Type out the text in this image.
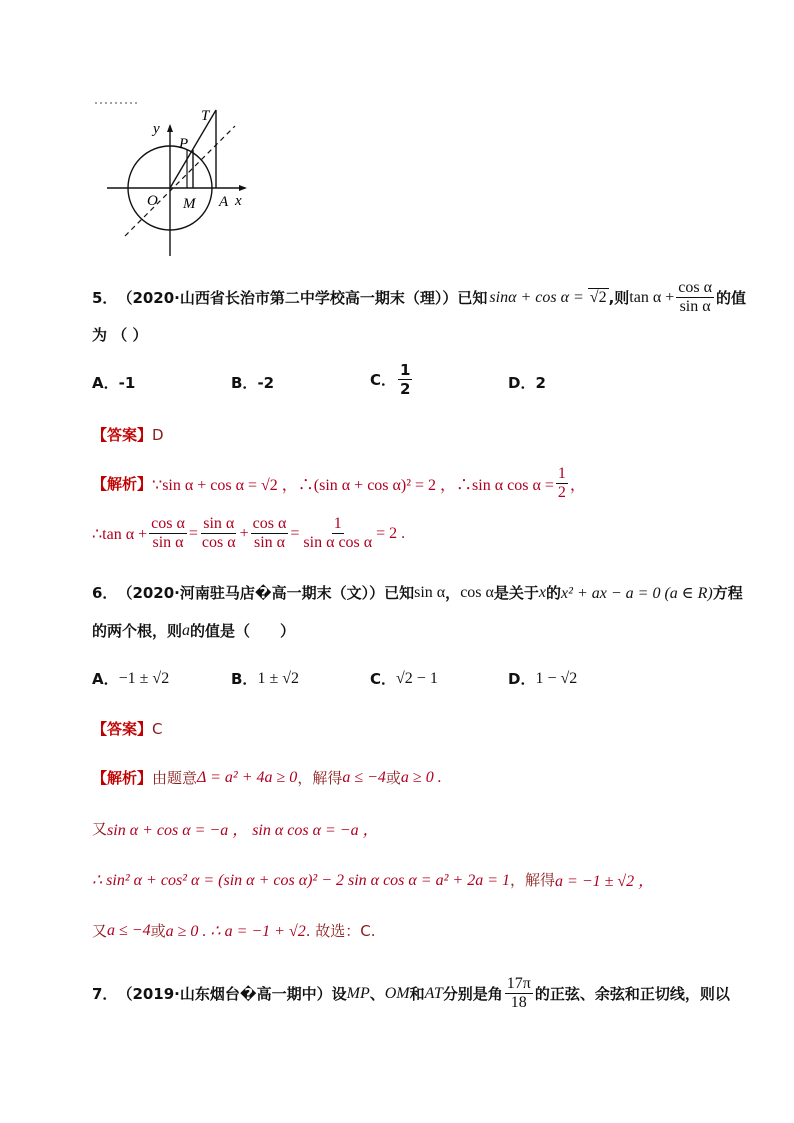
y
T
P
O M A x
5． （2020·山西省长治市第二中学校高一期末（理）） 已知 sinα + cos α = √2 ,则 $\tan \alpha + \frac{\text{cos α}}{\text{sin α}}$ 的值
为 （ ）
A．-1	B．-2	C． $\frac{1}{2}$	D．2
【答案】 D
【解析】 ∵sin α + cos α = √2 ，∴(sin α + cos α)² = 2 ，∴sin α $\cos \alpha = \frac{1}{2}$ ，
∴tan $\alpha + \frac{\text{cos α}}{\text{sin α}} = \frac{\text{sin α}}{\text{cos α}} + \frac{\text{cos α}}{\text{sin α}} = \frac{1}{\text{sin α cos α}} = 2$ .
6． （2020·河南驻马店�高一期末（文）） 已知 sin α ， cos α 是关于 x 的 x² + ax − a = 0 (a ∈ R) 方程
的两个根，则 a 的值是（　　）
A． −1 ± √2	B． 1 ± √2	C． √2 − 1	D． 1 − √2
【答案】 C
【解析】 由题意 Δ = a² + 4a ≥ 0 ，解得 a ≤ −4 或 a ≥ 0 .
又 sin α + cos α = −a ， sin α cos α = −a ，
∴ sin² α + cos² α = (sin α + cos α)² − 2 sin α cos α = a² + 2a = 1 ，解得 a = −1 ± √2 ，
又 a ≤ −4 或 a ≥ 0 . ∴ a = −1 + √2 . 故选：C.
7． （2019·山东烟台�高一期中） 设 MP 、 OM 和 AT 分别是角 $\frac{17\pi}{18}$ 的正弦、余弦和正切线，则以
